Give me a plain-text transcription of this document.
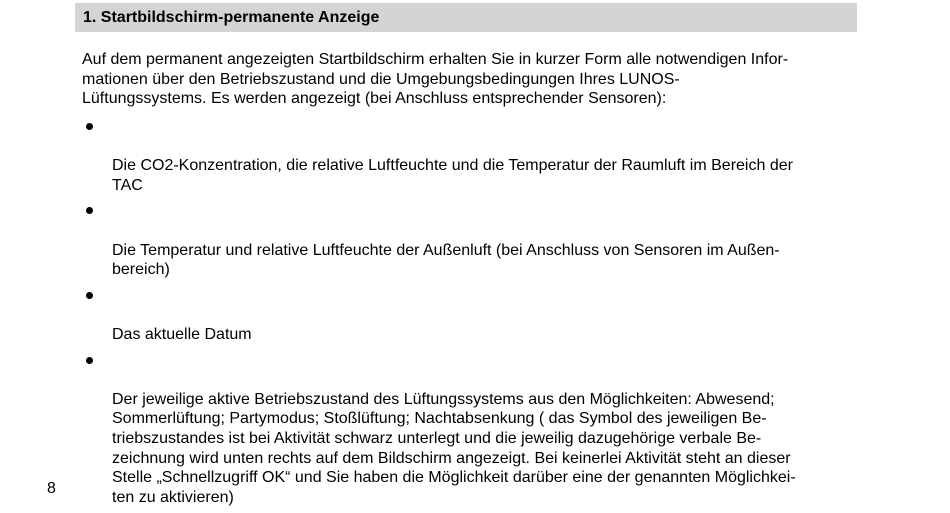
1. Startbildschirm-permanente Anzeige

Auf dem permanent angezeigten Startbildschirm erhalten Sie in kurzer Form alle notwendigen Infor-
mationen über den Betriebszustand und die Umgebungsbedingungen Ihres LUNOS-
Lüftungssystems. Es werden angezeigt (bei Anschluss entsprechender Sensoren):

Die CO2-Konzentration, die relative Luftfeuchte und die Temperatur der Raumluft im Bereich der
TAC

Die Temperatur und relative Luftfeuchte der Außenluft (bei Anschluss von Sensoren im Außen-
bereich)

Das aktuelle Datum

Der jeweilige aktive Betriebszustand des Lüftungssystems aus den Möglichkeiten: Abwesend;
Sommerlüftung; Partymodus; Stoßlüftung; Nachtabsenkung ( das Symbol des jeweiligen Be-
triebszustandes ist bei Aktivität schwarz unterlegt und die jeweilig dazugehörige verbale Be-
zeichnung wird unten rechts auf dem Bildschirm angezeigt. Bei keinerlei Aktivität steht an dieser
Stelle „Schnellzugriff OK“ und Sie haben die Möglichkeit darüber eine der genannten Möglichkei-
ten zu aktivieren)

8
